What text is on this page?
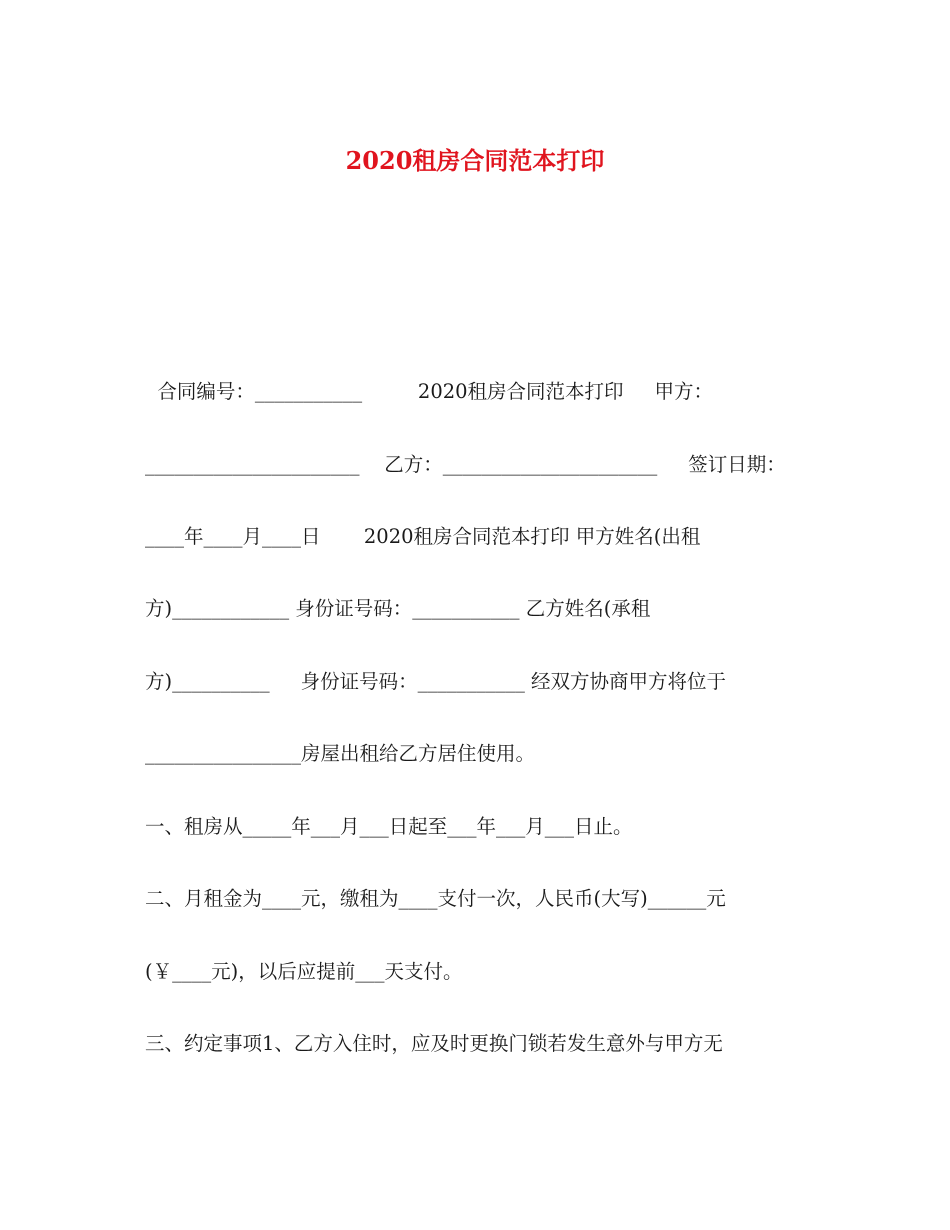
2020租房合同范本打印

合同编号：___________         2020租房合同范本打印     甲方：

______________________    乙方：______________________     签订日期：

____年____月____日       2020租房合同范本打印 甲方姓名(出租

方)____________ 身份证号码：___________ 乙方姓名(承租

方)__________     身份证号码：___________ 经双方协商甲方将位于

________________房屋出租给乙方居住使用。

一、租房从_____年___月___日起至___年___月___日止。

二、月租金为____元，缴租为____支付一次，人民币(大写)______元

(￥____元)，以后应提前___天支付。

三、约定事项1、乙方入住时，应及时更换门锁若发生意外与甲方无
